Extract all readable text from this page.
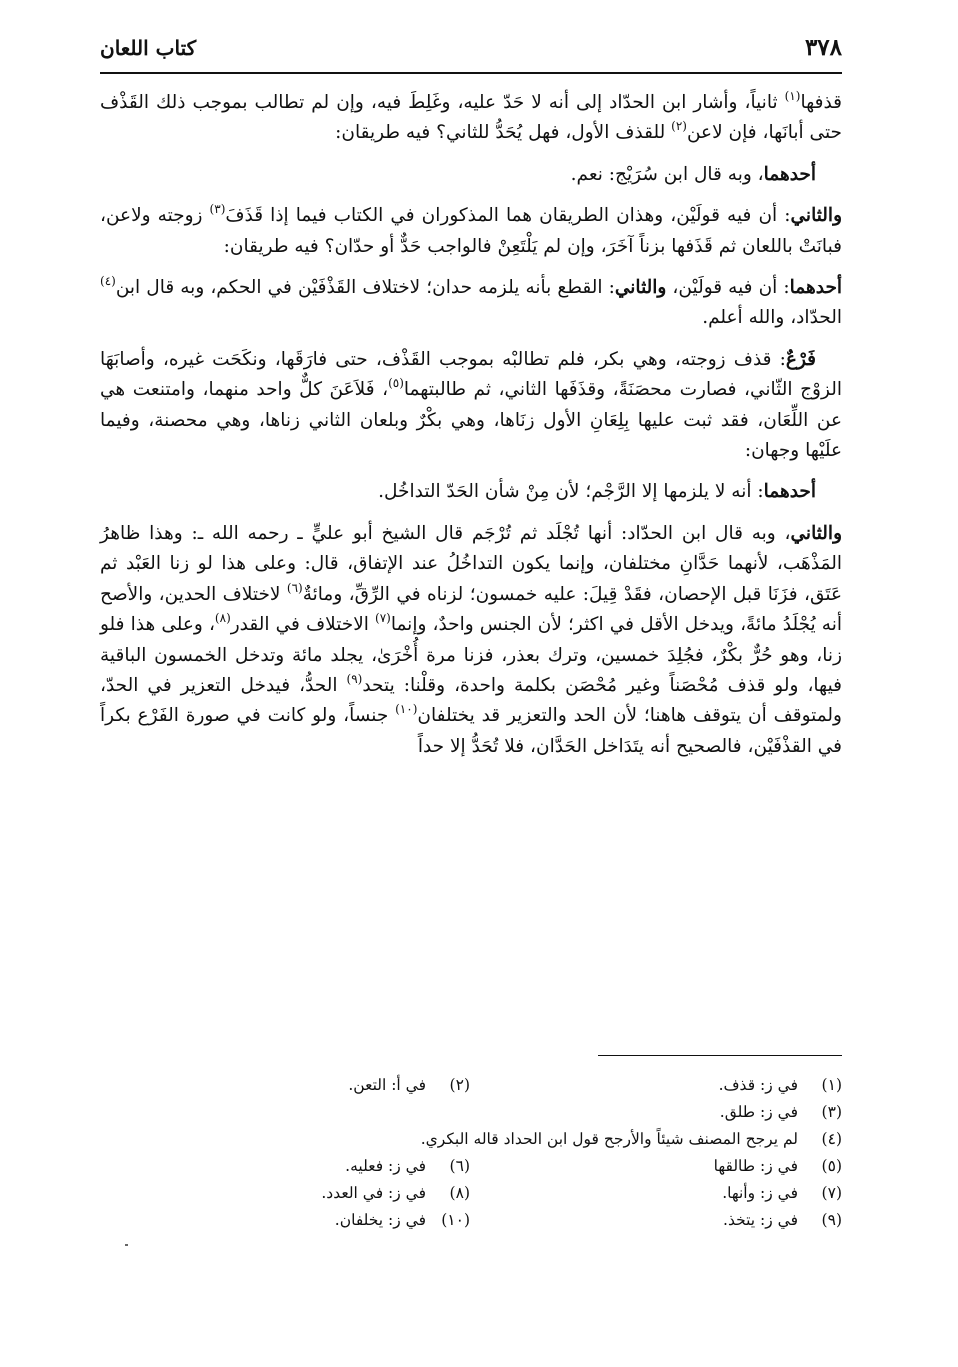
٣٧٨
كتاب اللعان

قذفها$^{(١)}$ ثانياً، وأشار ابن الحدّاد إلى أنه لا حَدّ عليه، وغَلِطَ فيه، وإن لم تطالب بموجب ذلك القَذْف حتى أبانَها، فإن لاعن$^{(٢)}$ للقذف الأول، فهل يُحَدُّ للثاني؟ فيه طريقان:

أحدهما، وبه قال ابن سُرَيْج: نعم.

والثاني: أن فيه قولَيْن، وهذان الطريقان هما المذكوران في الكتاب فيما إذا قَذَفَ$^{(٣)}$ زوجته ولاعن، فبانَتْ باللعان ثم قَذَفها بزناً آخَرَ، وإن لم يَلْتَعِنْ فالواجب حَدٌّ أو حدّان؟ فيه طريقان:

أحدهما: أن فيه قولَيْن، والثاني: القطع بأنه يلزمه حدان؛ لاختلاف القَذْفَيْن في الحكم، وبه قال ابن$^{(٤)}$ الحدّاد، والله أعلم.

فَرْعٌ: قذف زوجته، وهي بكر، فلم تطالبْه بموجب القَذْف، حتى فارَقَها، ونكَحَت غيره، وأصابَهَا الزوْج الثّاني، فصارت محصَنَةً، وقذَفَها الثاني، ثم طالبتهما$^{(٥)}$، فَلاَعَنَ كلٌّ واحد منهما، وامتنعت هي عن اللِّعَان، فقد ثبت عليها بِلِعَانِ الأول زنَاها، وهي بكْرٌ وبلعان الثاني زناها، وهي محصنة، وفيما علَيْها وجهان:

أحدهما: أنه لا يلزمها إلا الرَّجْم؛ لأن مِنْ شأن الحَدّ التداخُل.

والثاني، وبه قال ابن الحدّاد: أنها تُجْلَد ثم تُرْجَم قال الشيخ أبو عليٍّ ـ رحمه الله ـ: وهذا ظاهرُ المَذْهَب، لأنهما حَدَّانِ مختلفان، وإنما يكون التداخُلُ عند الإتفاق، قال: وعلى هذا لو زنا العَبْد ثم عَتَق، فزَنَا قبل الإحصان، فقَدْ قِيلَ: عليه خمسون؛ لزناه في الرِّقِّ، ومائةٌ$^{(٦)}$ لاختلاف الحدين، والأصح أنه يُجْلَدُ مائةً، ويدخل الأقل في اكثر؛ لأن الجنس واحدٌ، وإنما$^{(٧)}$ الاختلاف في القدر$^{(٨)}$، وعلى هذا فلو زنا، وهو حُرٌّ بكْرٌ، فجُلِدَ خمسين، وترك بعذر، فزنا مرة أُخْرَىٰ، يجلد مائة وتدخل الخمسون الباقية فيها، ولو قذف مُحْصَناً وغير مُحْصَن بكلمة واحدة، وقلْنا: يتحد$^{(٩)}$ الحدُّ، فيدخل التعزير في الحدّ، ولمتوقف أن يتوقف هاهنا؛ لأن الحد والتعزير قد يختلفان$^{(١٠)}$ جنساً، ولو كانت في صورة الفَرْع بكراً في القذْفَيْن، فالصحيح أنه يتَدَاخل الحَدَّان، فلا تُحَدُّ إلا حداً

(١)في ز: قذف.
(٢)في أ: التعن.
(٣)في ز: طلق.
(٤)لم يرجح المصنف شيئاً والأرجح قول ابن الحداد قاله البكري.
(٥)في ز: طالقها
(٦)في ز: فعليه.
(٧)في ز: وأنها.
(٨)في ز: في العدد.
(٩)في ز: يتخذ.
(١٠)في ز: يخلفان.
